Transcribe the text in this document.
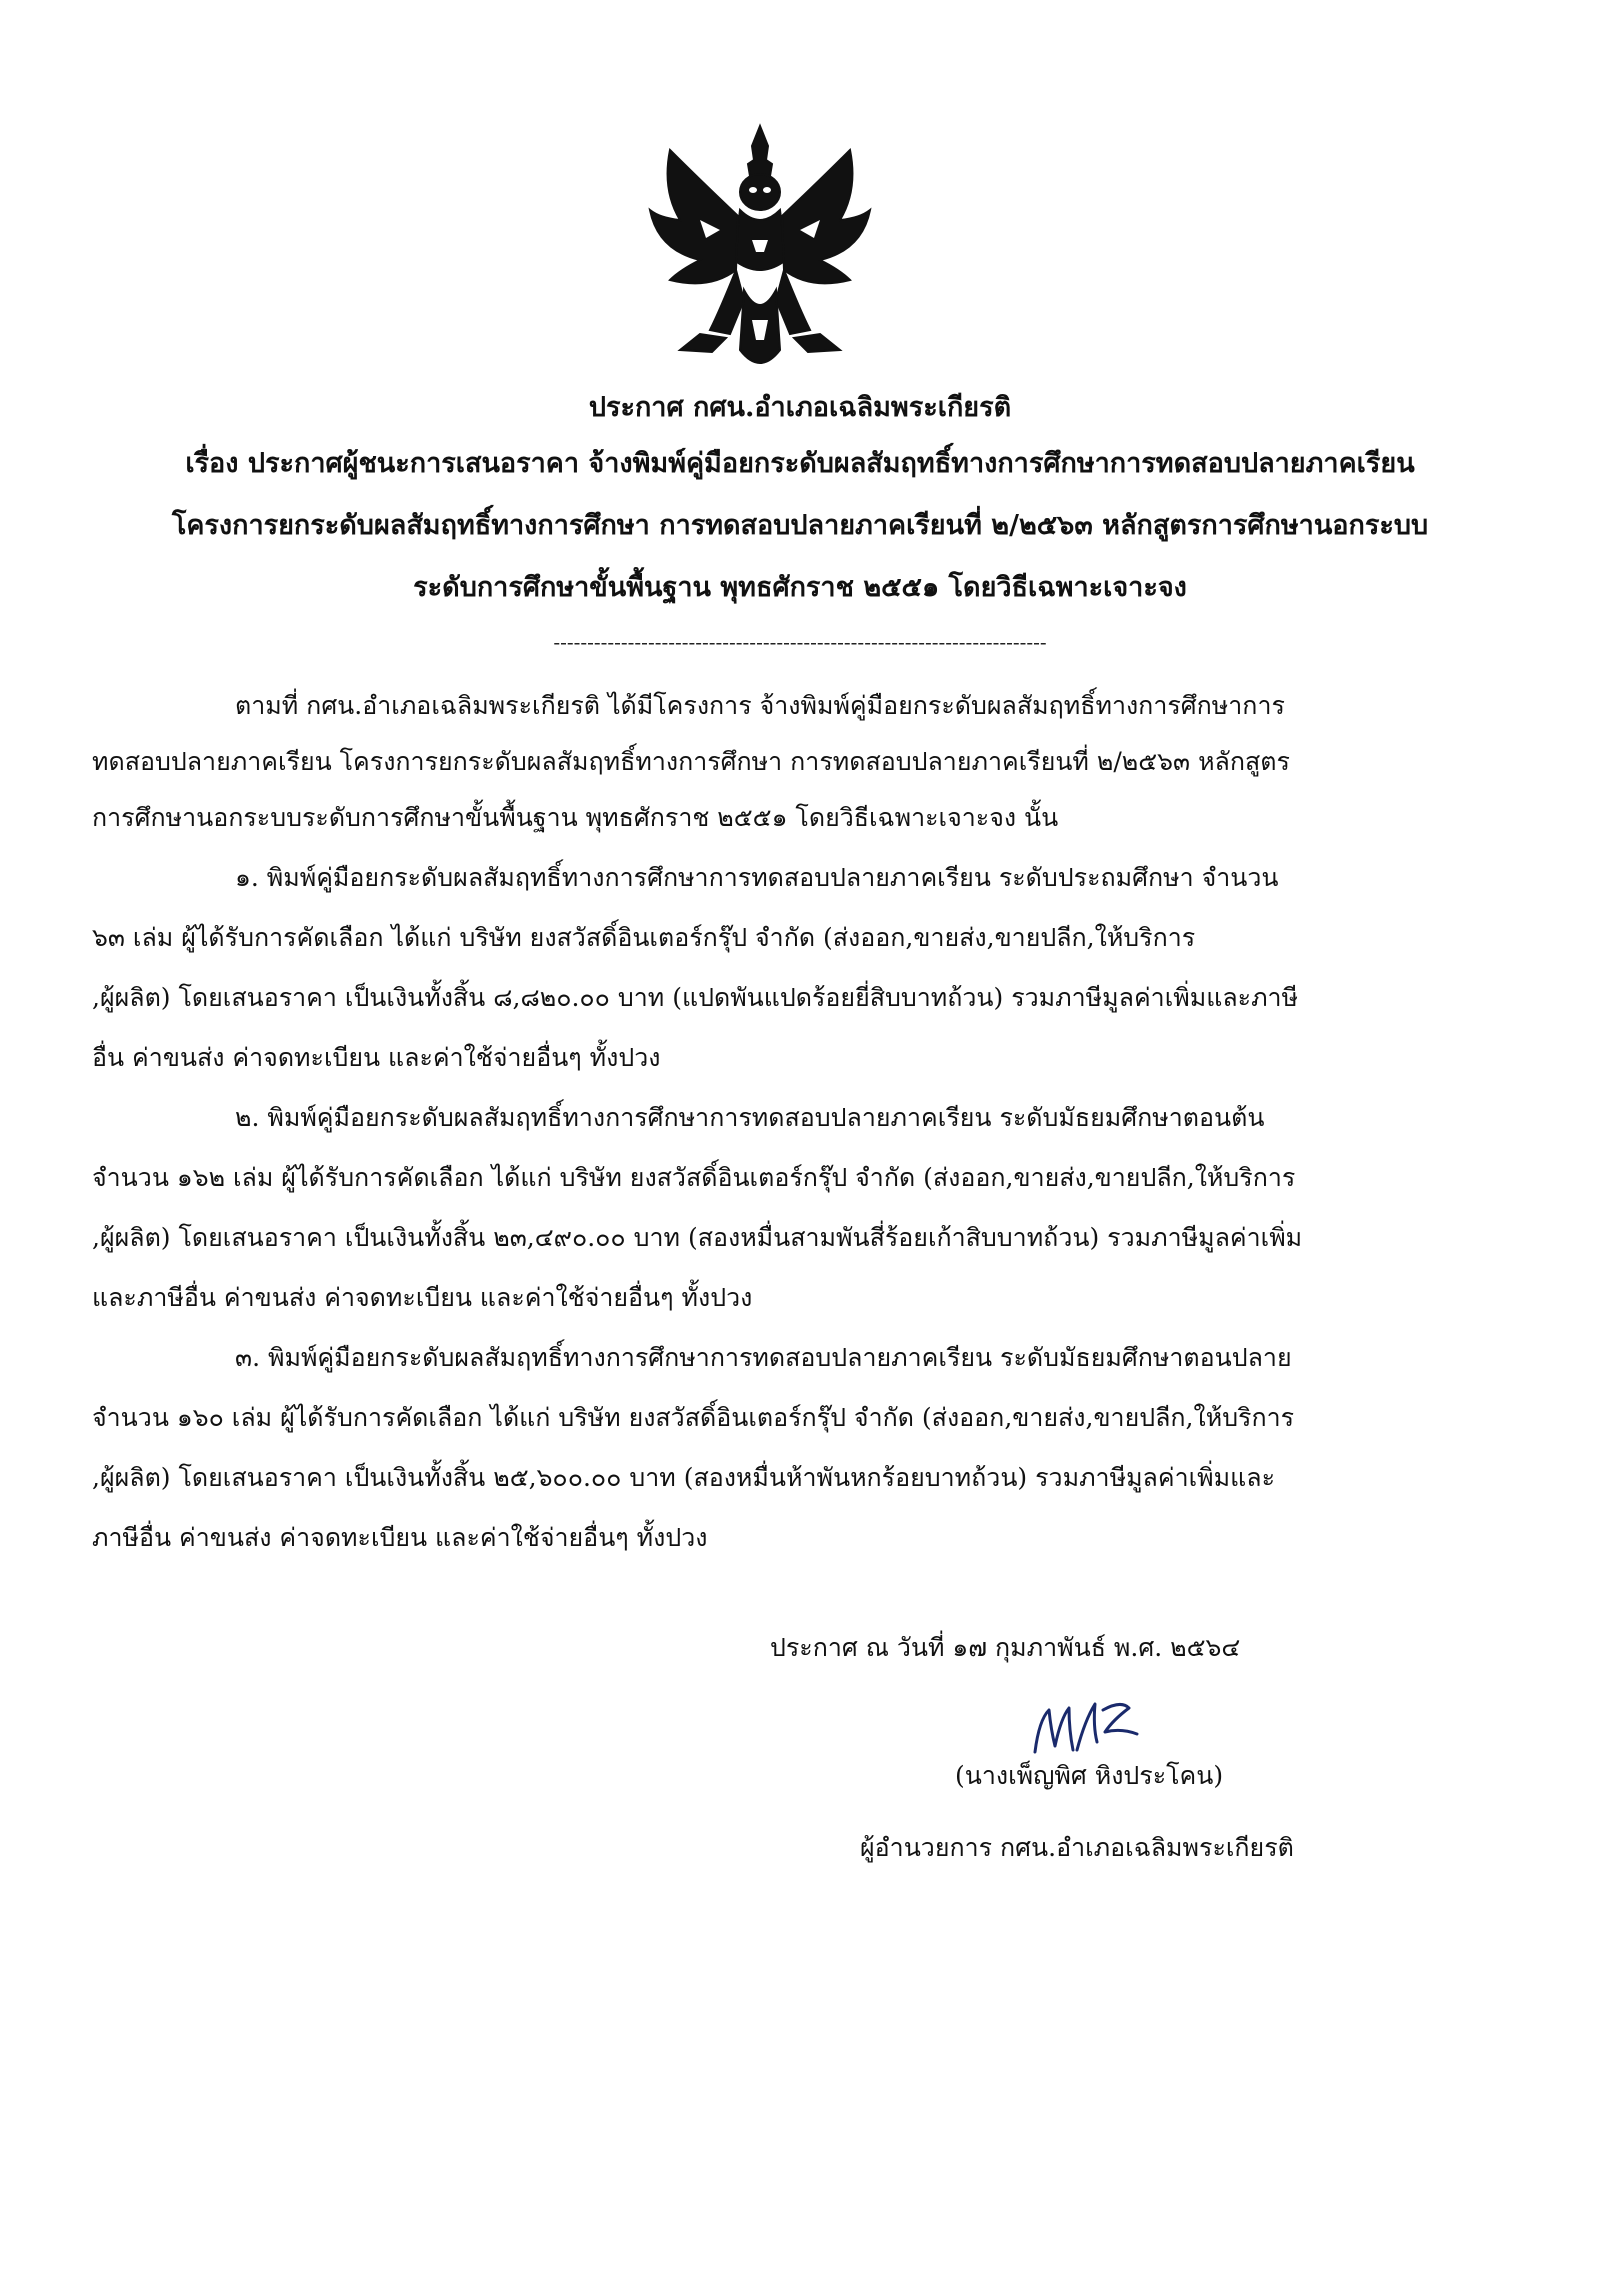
ประกาศ กศน.อำเภอเฉลิมพระเกียรติ
เรื่อง ประกาศผู้ชนะการเสนอราคา จ้างพิมพ์คู่มือยกระดับผลสัมฤทธิ์ทางการศึกษาการทดสอบปลายภาคเรียน
โครงการยกระดับผลสัมฤทธิ์ทางการศึกษา การทดสอบปลายภาคเรียนที่ ๒/๒๕๖๓ หลักสูตรการศึกษานอกระบบ
ระดับการศึกษาขั้นพื้นฐาน พุทธศักราช ๒๕๕๑ โดยวิธีเฉพาะเจาะจง
-------------------------------------------------------------------------
ตามที่ กศน.อำเภอเฉลิมพระเกียรติ ได้มีโครงการ จ้างพิมพ์คู่มือยกระดับผลสัมฤทธิ์ทางการศึกษาการ
ทดสอบปลายภาคเรียน โครงการยกระดับผลสัมฤทธิ์ทางการศึกษา การทดสอบปลายภาคเรียนที่ ๒/๒๕๖๓ หลักสูตร
การศึกษานอกระบบระดับการศึกษาขั้นพื้นฐาน พุทธศักราช ๒๕๕๑ โดยวิธีเฉพาะเจาะจง นั้น
๑. พิมพ์คู่มือยกระดับผลสัมฤทธิ์ทางการศึกษาการทดสอบปลายภาคเรียน ระดับประถมศึกษา จำนวน
๖๓ เล่ม ผู้ได้รับการคัดเลือก ได้แก่ บริษัท ยงสวัสดิ์อินเตอร์กรุ๊ป จำกัด (ส่งออก,ขายส่ง,ขายปลีก,ให้บริการ
,ผู้ผลิต) โดยเสนอราคา เป็นเงินทั้งสิ้น ๘,๘๒๐.๐๐ บาท (แปดพันแปดร้อยยี่สิบบาทถ้วน) รวมภาษีมูลค่าเพิ่มและภาษี
อื่น ค่าขนส่ง ค่าจดทะเบียน และค่าใช้จ่ายอื่นๆ ทั้งปวง
๒. พิมพ์คู่มือยกระดับผลสัมฤทธิ์ทางการศึกษาการทดสอบปลายภาคเรียน ระดับมัธยมศึกษาตอนต้น
จำนวน ๑๖๒ เล่ม ผู้ได้รับการคัดเลือก ได้แก่ บริษัท ยงสวัสดิ์อินเตอร์กรุ๊ป จำกัด (ส่งออก,ขายส่ง,ขายปลีก,ให้บริการ
,ผู้ผลิต) โดยเสนอราคา เป็นเงินทั้งสิ้น ๒๓,๔๙๐.๐๐ บาท (สองหมื่นสามพันสี่ร้อยเก้าสิบบาทถ้วน) รวมภาษีมูลค่าเพิ่ม
และภาษีอื่น ค่าขนส่ง ค่าจดทะเบียน และค่าใช้จ่ายอื่นๆ ทั้งปวง
๓. พิมพ์คู่มือยกระดับผลสัมฤทธิ์ทางการศึกษาการทดสอบปลายภาคเรียน ระดับมัธยมศึกษาตอนปลาย
จำนวน ๑๖๐ เล่ม ผู้ได้รับการคัดเลือก ได้แก่ บริษัท ยงสวัสดิ์อินเตอร์กรุ๊ป จำกัด (ส่งออก,ขายส่ง,ขายปลีก,ให้บริการ
,ผู้ผลิต) โดยเสนอราคา เป็นเงินทั้งสิ้น ๒๕,๖๐๐.๐๐ บาท (สองหมื่นห้าพันหกร้อยบาทถ้วน) รวมภาษีมูลค่าเพิ่มและ
ภาษีอื่น ค่าขนส่ง ค่าจดทะเบียน และค่าใช้จ่ายอื่นๆ ทั้งปวง
ประกาศ ณ วันที่ ๑๗ กุมภาพันธ์ พ.ศ. ๒๕๖๔
(นางเพ็ญพิศ หิงประโคน)
ผู้อำนวยการ กศน.อำเภอเฉลิมพระเกียรติ
